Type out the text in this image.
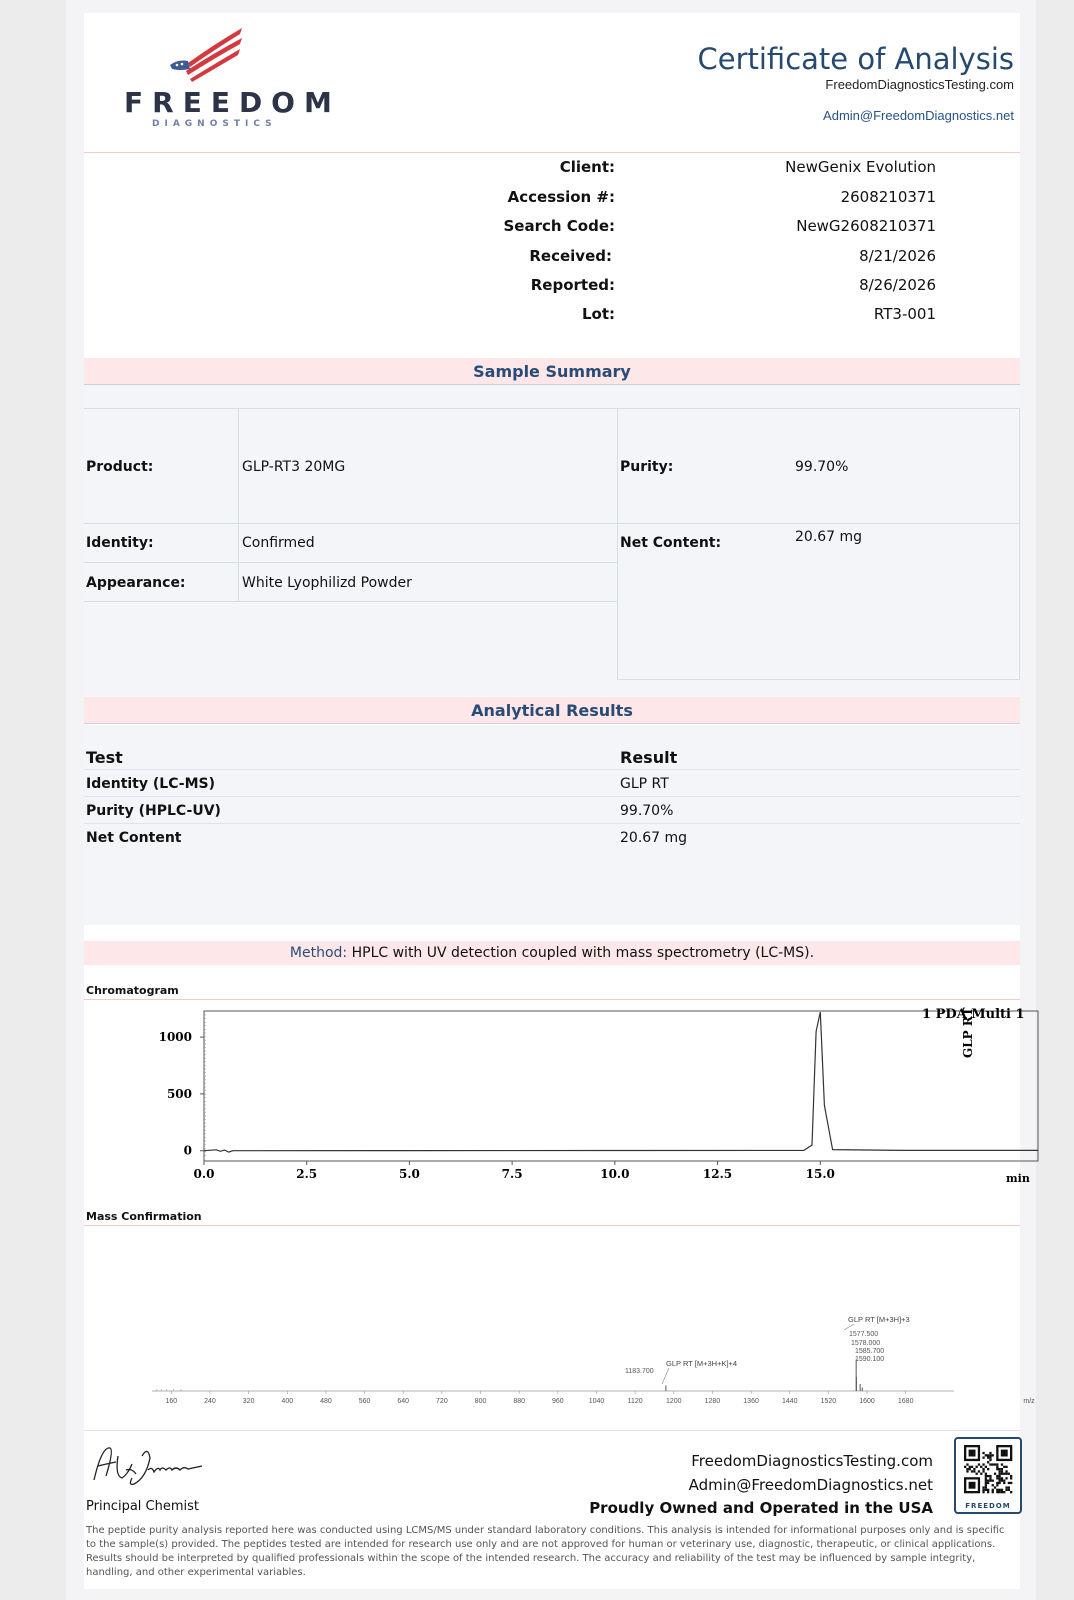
FREEDOM
DIAGNOSTICS
Certificate of Analysis
FreedomDiagnosticsTesting.com
Admin@FreedomDiagnostics.net
Client:	NewGenix Evolution
Accession #:	2608210371
Search Code:	NewG2608210371
Received:	8/21/2026
Reported:	8/26/2026
Lot:	RT3-001
Sample Summary
Product:	GLP-RT3 20MG	Purity:	99.70%
Identity:	Confirmed	Net Content:	20.67 mg
Appearance:	White Lyophilizd Powder
Analytical Results
Test	Result
Identity (LC-MS)	GLP RT
Purity (HPLC-UV)	99.70%
Net Content	20.67 mg
Method: HPLC with UV detection coupled with mass spectrometry (LC-MS).
Chromatogram
0.0	2.5	5.0	7.5	10.0	12.5	15.0
0
500
1000
1 PDA Multi 1
GLP RT
min
Mass Confirmation
160	240	320	400	480	560	640	720	800	880	960	1040	1120	1200	1280	1360	1440	1520	1600	1680	m/z
1577.500
1578.000
1585.700
1590.100
1183.700
GLP RT [M+3H]+3
GLP RT [M+3H+K]+4
Principal Chemist
FreedomDiagnosticsTesting.com
Admin@FreedomDiagnostics.net
Proudly Owned and Operated in the USA	FREEDOM
The peptide purity analysis reported here was conducted using LCMS/MS under standard laboratory conditions. This analysis is intended for informational purposes only and is specific to the sample(s) provided. The peptides tested are intended for research use only and are not approved for human or veterinary use, diagnostic, therapeutic, or clinical applications. Results should be interpreted by qualified professionals within the scope of the intended research. The accuracy and reliability of the test may be influenced by sample integrity, handling, and other experimental variables.
